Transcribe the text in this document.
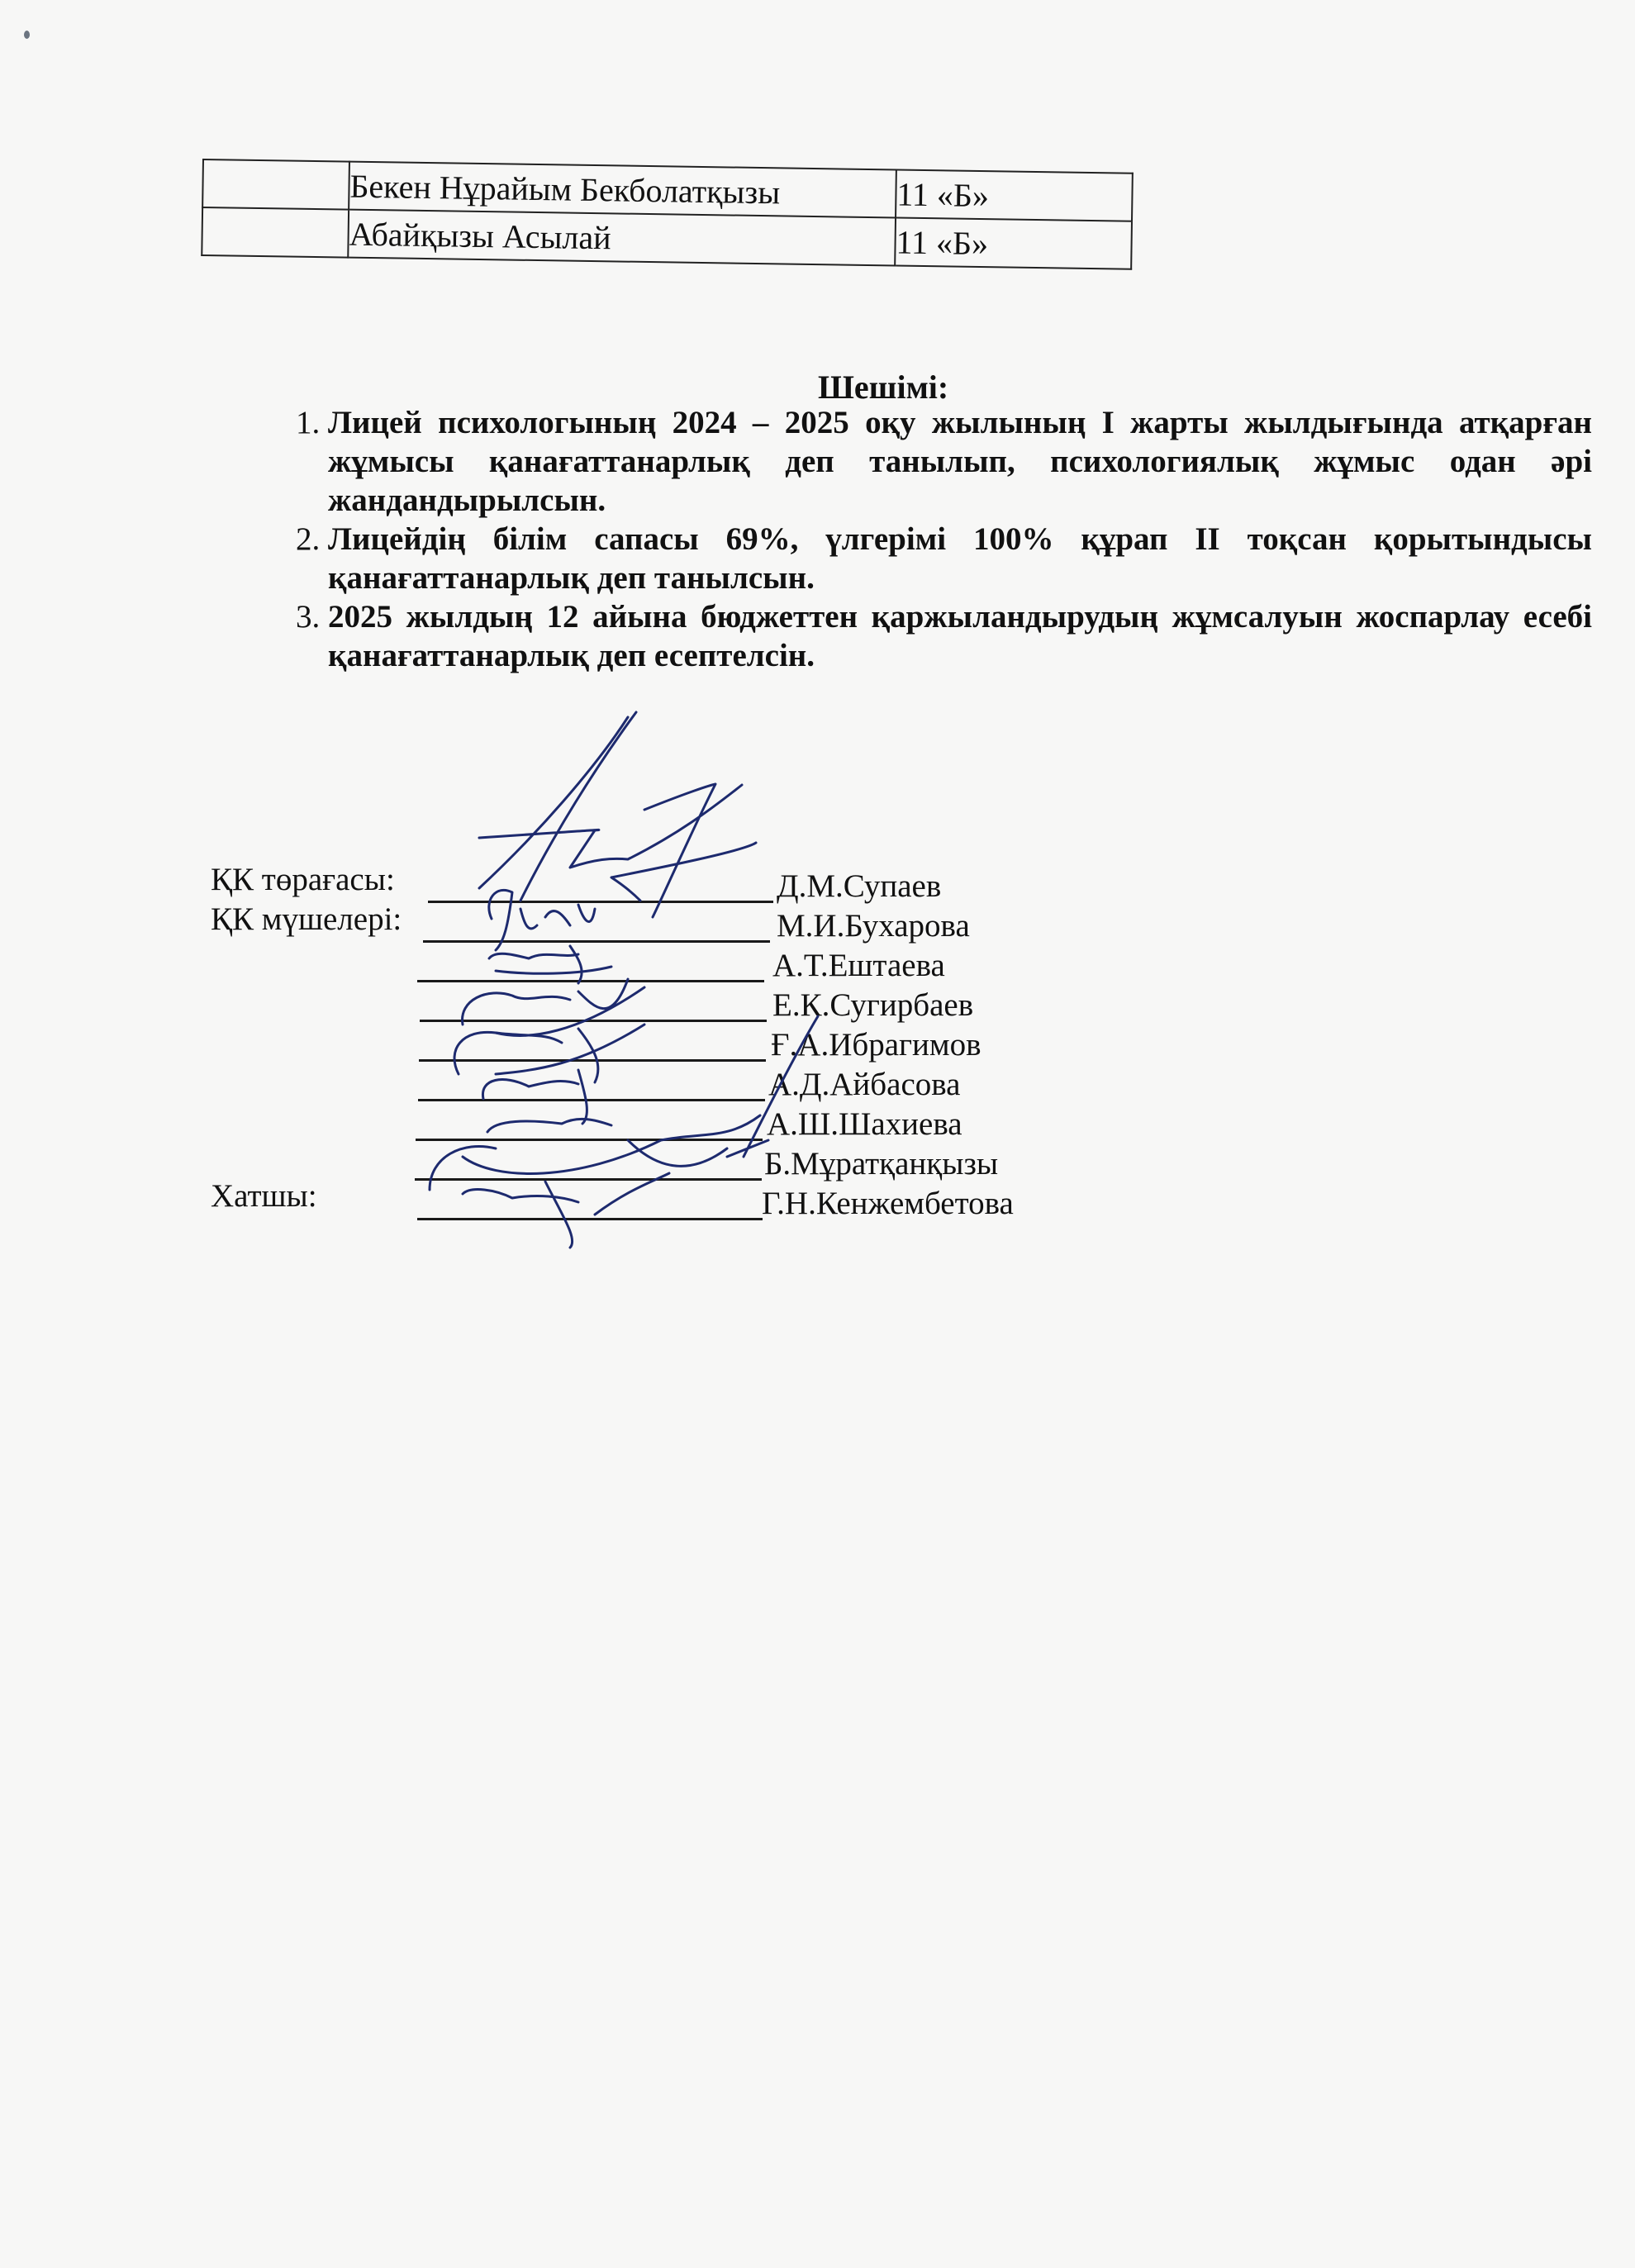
	Бекен Нұрайым Бекболатқызы	11 «Б»
	Абайқызы Асылай	11 «Б»
Шешімі:
1. Лицей психологының 2024 – 2025 оқу жылының І жарты жылдығында атқарған жұмысы қанағаттанарлық деп танылып, психологиялық жұмыс одан әрі жандандырылсын.
2. Лицейдің білім сапасы 69%, үлгерімі 100% құрап ІІ тоқсан қорытындысы қанағаттанарлық деп танылсын.
3. 2025 жылдың 12 айына бюджеттен қаржыландырудың жұмсалуын жоспарлау есебі қанағаттанарлық деп есептелсін.
ҚК төрағасы:
ҚК мүшелері:
Хатшы:
Д.М.Супаев
М.И.Бухарова
А.Т.Ештаева
Е.К.Сугирбаев
Ғ.А.Ибрагимов
А.Д.Айбасова
А.Ш.Шахиева
Б.Мұратқанқызы
Г.Н.Кенжембетова
